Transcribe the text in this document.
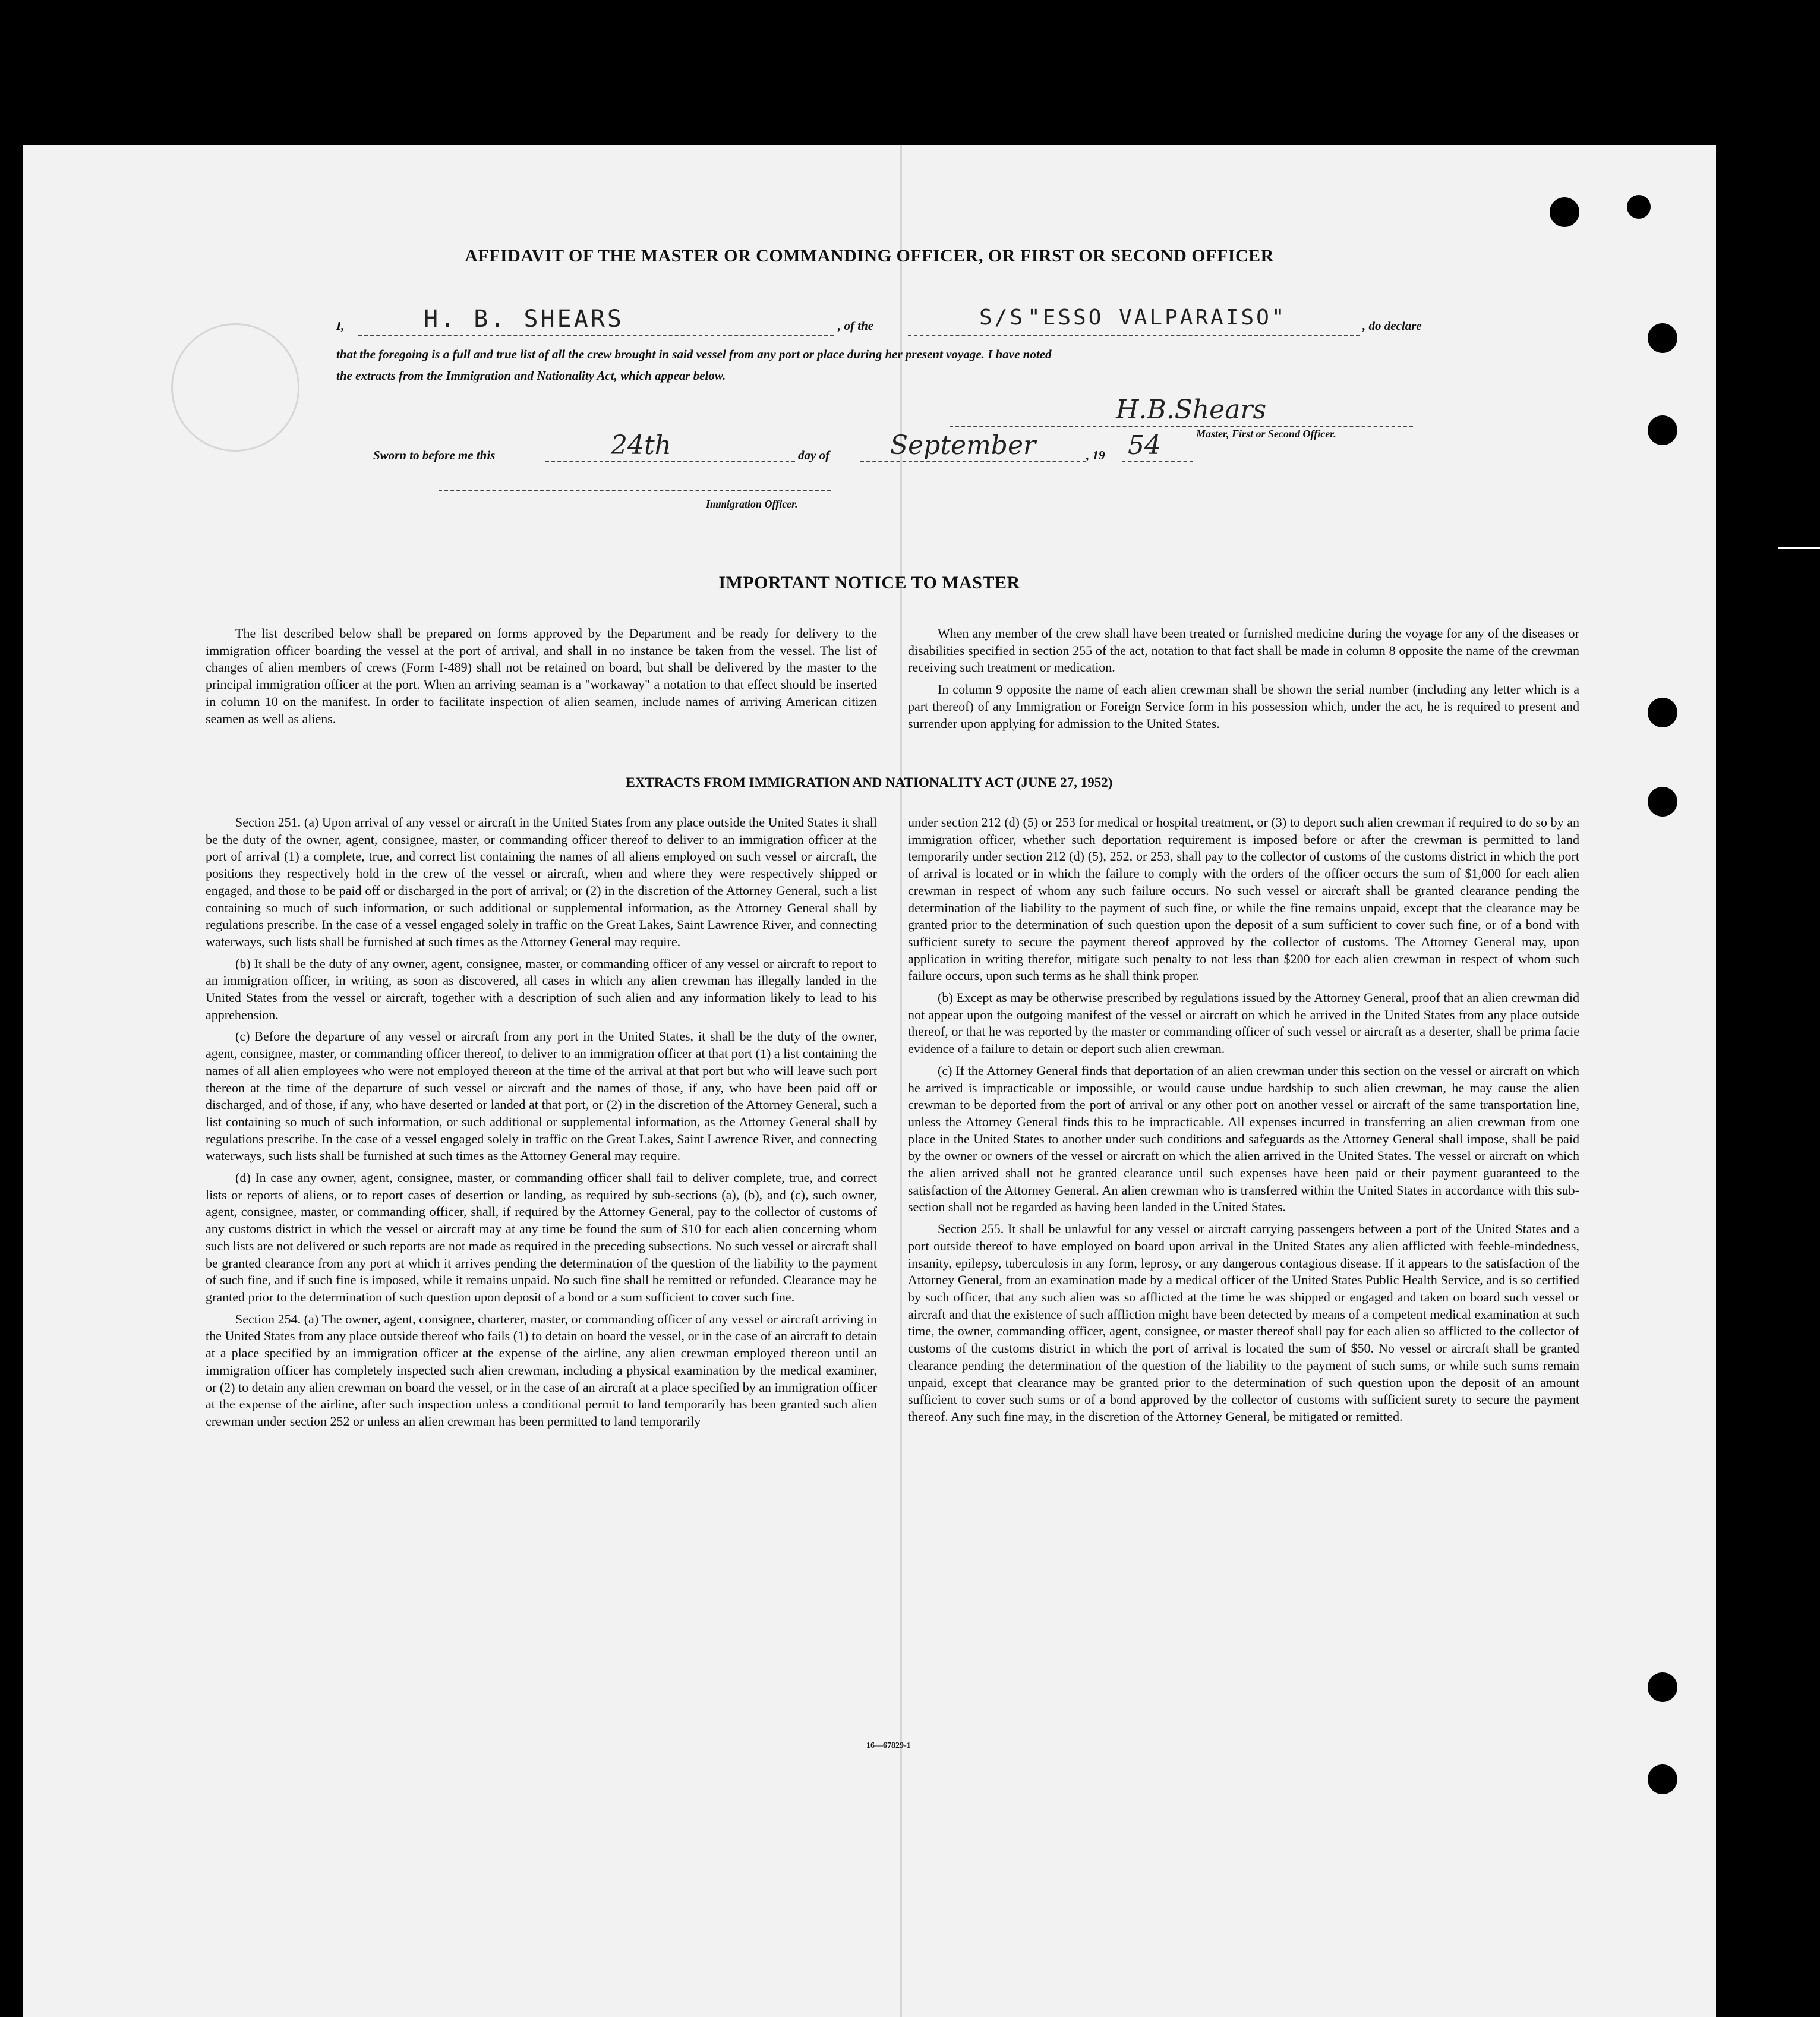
AFFIDAVIT OF THE MASTER OR COMMANDING OFFICER, OR FIRST OR SECOND OFFICER
I,	H. B. SHEARS	, of the	S/S "ESSO VALPARAISO"	, do declare
that the foregoing is a full and true list of all the crew brought in said vessel from any port or place during her present voyage. I have noted
the extracts from the Immigration and Nationality Act, which appear below.
H.B.Shears
Master, First or Second Officer.
Sworn to before me this	24th	day of	September	, 19 54
Immigration Officer.
IMPORTANT NOTICE TO MASTER

The list described below shall be prepared on forms approved by the Department and be ready for delivery to the immigration officer boarding the vessel at the port of arrival, and shall in no instance be taken from the vessel. The list of changes of alien members of crews (Form I-489) shall not be retained on board, but shall be delivered by the master to the principal immigration officer at the port. When an arriving seaman is a "workaway" a notation to that effect should be inserted in column 10 on the manifest. In order to facilitate inspection of alien seamen, include names of arriving American citizen seamen as well as aliens.

When any member of the crew shall have been treated or furnished medicine during the voyage for any of the diseases or disabilities specified in section 255 of the act, notation to that fact shall be made in column 8 opposite the name of the crewman receiving such treatment or medication.

In column 9 opposite the name of each alien crewman shall be shown the serial number (including any letter which is a part thereof) of any Immigration or Foreign Service form in his possession which, under the act, he is required to present and surrender upon applying for admission to the United States.

EXTRACTS FROM IMMIGRATION AND NATIONALITY ACT (JUNE 27, 1952)

Section 251. (a) Upon arrival of any vessel or aircraft in the United States from any place outside the United States it shall be the duty of the owner, agent, consignee, master, or commanding officer thereof to deliver to an immigration officer at the port of arrival (1) a complete, true, and correct list containing the names of all aliens employed on such vessel or aircraft, the positions they respectively hold in the crew of the vessel or aircraft, when and where they were respectively shipped or engaged, and those to be paid off or discharged in the port of arrival; or (2) in the discretion of the Attorney General, such a list containing so much of such information, or such additional or supplemental information, as the Attorney General shall by regulations prescribe. In the case of a vessel engaged solely in traffic on the Great Lakes, Saint Lawrence River, and connecting waterways, such lists shall be furnished at such times as the Attorney General may require.

(b) It shall be the duty of any owner, agent, consignee, master, or commanding officer of any vessel or aircraft to report to an immigration officer, in writing, as soon as discovered, all cases in which any alien crewman has illegally landed in the United States from the vessel or aircraft, together with a description of such alien and any information likely to lead to his apprehension.

(c) Before the departure of any vessel or aircraft from any port in the United States, it shall be the duty of the owner, agent, consignee, master, or commanding officer thereof, to deliver to an immigration officer at that port (1) a list containing the names of all alien employees who were not employed thereon at the time of the arrival at that port but who will leave such port thereon at the time of the departure of such vessel or aircraft and the names of those, if any, who have been paid off or discharged, and of those, if any, who have deserted or landed at that port, or (2) in the discretion of the Attorney General, such a list containing so much of such information, or such additional or supplemental information, as the Attorney General shall by regulations prescribe. In the case of a vessel engaged solely in traffic on the Great Lakes, Saint Lawrence River, and connecting waterways, such lists shall be furnished at such times as the Attorney General may require.

(d) In case any owner, agent, consignee, master, or commanding officer shall fail to deliver complete, true, and correct lists or reports of aliens, or to report cases of desertion or landing, as required by sub-sections (a), (b), and (c), such owner, agent, consignee, master, or commanding officer, shall, if required by the Attorney General, pay to the collector of customs of any customs district in which the vessel or aircraft may at any time be found the sum of $10 for each alien concerning whom such lists are not delivered or such reports are not made as required in the preceding subsections. No such vessel or aircraft shall be granted clearance from any port at which it arrives pending the determination of the question of the liability to the payment of such fine, and if such fine is imposed, while it remains unpaid. No such fine shall be remitted or refunded. Clearance may be granted prior to the determination of such question upon deposit of a bond or a sum sufficient to cover such fine.

Section 254. (a) The owner, agent, consignee, charterer, master, or commanding officer of any vessel or aircraft arriving in the United States from any place outside thereof who fails (1) to detain on board the vessel, or in the case of an aircraft to detain at a place specified by an immigration officer at the expense of the airline, any alien crewman employed thereon until an immigration officer has completely inspected such alien crewman, including a physical examination by the medical examiner, or (2) to detain any alien crewman on board the vessel, or in the case of an aircraft at a place specified by an immigration officer at the expense of the airline, after such inspection unless a conditional permit to land temporarily has been granted such alien crewman under section 252 or unless an alien crewman has been permitted to land temporarily

under section 212 (d) (5) or 253 for medical or hospital treatment, or (3) to deport such alien crewman if required to do so by an immigration officer, whether such deportation requirement is imposed before or after the crewman is permitted to land temporarily under section 212 (d) (5), 252, or 253, shall pay to the collector of customs of the customs district in which the port of arrival is located or in which the failure to comply with the orders of the officer occurs the sum of $1,000 for each alien crewman in respect of whom any such failure occurs. No such vessel or aircraft shall be granted clearance pending the determination of the liability to the payment of such fine, or while the fine remains unpaid, except that the clearance may be granted prior to the determination of such question upon the deposit of a sum sufficient to cover such fine, or of a bond with sufficient surety to secure the payment thereof approved by the collector of customs. The Attorney General may, upon application in writing therefor, mitigate such penalty to not less than $200 for each alien crewman in respect of whom such failure occurs, upon such terms as he shall think proper.

(b) Except as may be otherwise prescribed by regulations issued by the Attorney General, proof that an alien crewman did not appear upon the outgoing manifest of the vessel or aircraft on which he arrived in the United States from any place outside thereof, or that he was reported by the master or commanding officer of such vessel or aircraft as a deserter, shall be prima facie evidence of a failure to detain or deport such alien crewman.

(c) If the Attorney General finds that deportation of an alien crewman under this section on the vessel or aircraft on which he arrived is impracticable or impossible, or would cause undue hardship to such alien crewman, he may cause the alien crewman to be deported from the port of arrival or any other port on another vessel or aircraft of the same transportation line, unless the Attorney General finds this to be impracticable. All expenses incurred in transferring an alien crewman from one place in the United States to another under such conditions and safeguards as the Attorney General shall impose, shall be paid by the owner or owners of the vessel or aircraft on which the alien arrived in the United States. The vessel or aircraft on which the alien arrived shall not be granted clearance until such expenses have been paid or their payment guaranteed to the satisfaction of the Attorney General. An alien crewman who is transferred within the United States in accordance with this sub-section shall not be regarded as having been landed in the United States.

Section 255. It shall be unlawful for any vessel or aircraft carrying passengers between a port of the United States and a port outside thereof to have employed on board upon arrival in the United States any alien afflicted with feeble-mindedness, insanity, epilepsy, tuberculosis in any form, leprosy, or any dangerous contagious disease. If it appears to the satisfaction of the Attorney General, from an examination made by a medical officer of the United States Public Health Service, and is so certified by such officer, that any such alien was so afflicted at the time he was shipped or engaged and taken on board such vessel or aircraft and that the existence of such affliction might have been detected by means of a competent medical examination at such time, the owner, commanding officer, agent, consignee, or master thereof shall pay for each alien so afflicted to the collector of customs of the customs district in which the port of arrival is located the sum of $50. No vessel or aircraft shall be granted clearance pending the determination of the question of the liability to the payment of such sums, or while such sums remain unpaid, except that clearance may be granted prior to the determination of such question upon the deposit of an amount sufficient to cover such sums or of a bond approved by the collector of customs with sufficient surety to secure the payment thereof. Any such fine may, in the discretion of the Attorney General, be mitigated or remitted.

16—67829-1
